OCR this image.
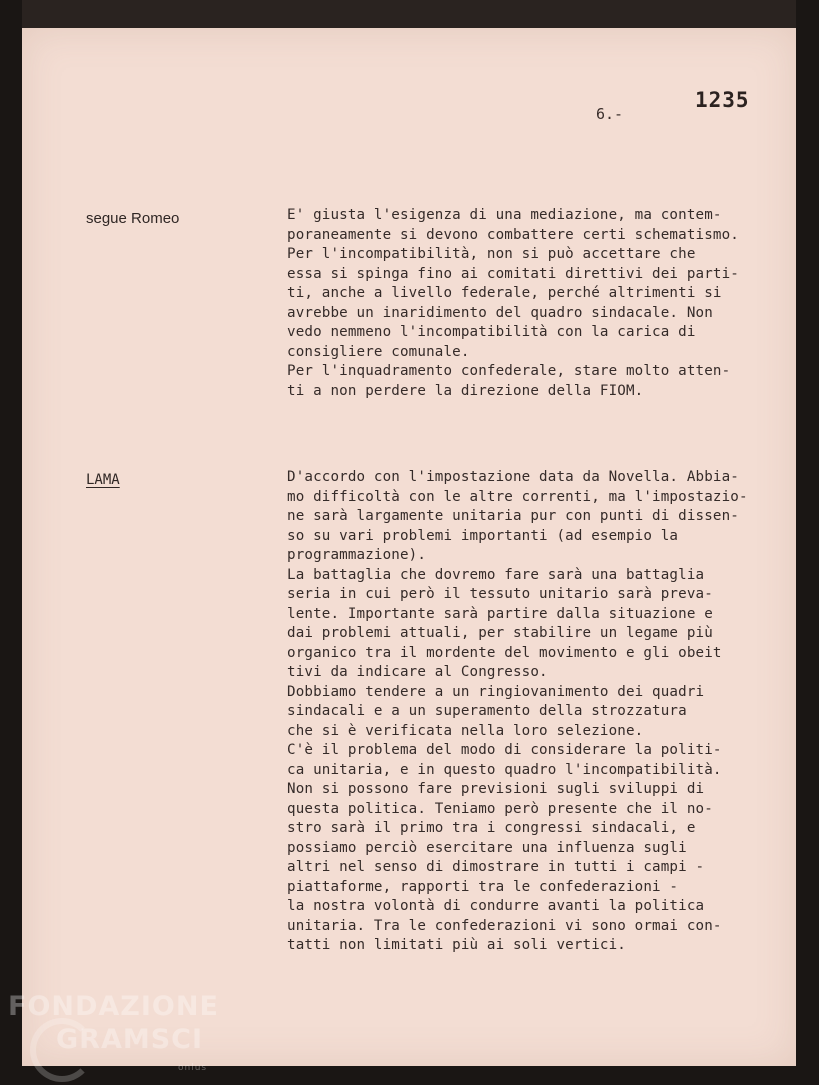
1235
6.-
segue Romeo	E' giusta l'esigenza di una mediazione, ma contem-
poraneamente si devono combattere certi schematismo.
Per l'incompatibilità, non si può accettare che
essa si spinga fino ai comitati direttivi dei parti-
ti, anche a livello federale, perché altrimenti si
avrebbe un inaridimento del quadro sindacale. Non
vedo nemmeno l'incompatibilità con la carica di
consigliere comunale.
Per l'inquadramento confederale, stare molto atten-
ti a non perdere la direzione della FIOM.
LAMA	D'accordo con l'impostazione data da Novella. Abbia-
mo difficoltà con le altre correnti, ma l'impostazio-
ne sarà largamente unitaria pur con punti di dissen-
so su vari problemi importanti (ad esempio la
programmazione).
La battaglia che dovremo fare sarà una battaglia
seria in cui però il tessuto unitario sarà preva-
lente. Importante sarà partire dalla situazione e
dai problemi attuali, per stabilire un legame più
organico tra il mordente del movimento e gli obeit
tivi da indicare al Congresso.
Dobbiamo tendere a un ringiovanimento dei quadri
sindacali e a un superamento della strozzatura
che si è verificata nella loro selezione.
C'è il problema del modo di considerare la politi-
ca unitaria, e in questo quadro l'incompatibilità.
Non si possono fare previsioni sugli sviluppi di
questa politica. Teniamo però presente che il no-
stro sarà il primo tra i congressi sindacali, e
possiamo perciò esercitare una influenza sugli
altri nel senso di dimostrare in tutti i campi -
piattaforme, rapporti tra le confederazioni -
la nostra volontà di condurre avanti la politica
unitaria. Tra le confederazioni vi sono ormai con-
tatti non limitati più ai soli vertici.
FONDAZIONE
GRAMSCI
onlus
